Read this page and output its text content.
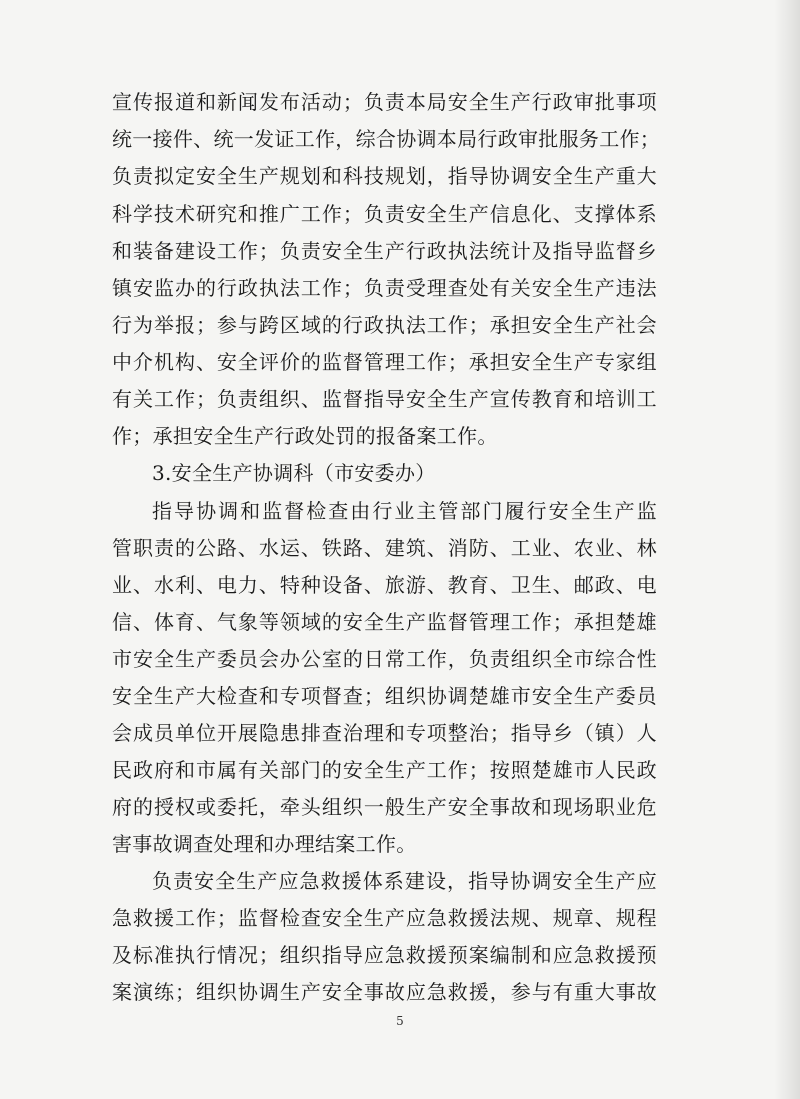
宣传报道和新闻发布活动；负责本局安全生产行政审批事项
统一接件、统一发证工作，综合协调本局行政审批服务工作；
负责拟定安全生产规划和科技规划，指导协调安全生产重大
科学技术研究和推广工作；负责安全生产信息化、支撑体系
和装备建设工作；负责安全生产行政执法统计及指导监督乡
镇安监办的行政执法工作；负责受理查处有关安全生产违法
行为举报；参与跨区域的行政执法工作；承担安全生产社会
中介机构、安全评价的监督管理工作；承担安全生产专家组
有关工作；负责组织、监督指导安全生产宣传教育和培训工
作；承担安全生产行政处罚的报备案工作。
3.安全生产协调科（市安委办）
指导协调和监督检查由行业主管部门履行安全生产监
管职责的公路、水运、铁路、建筑、消防、工业、农业、林
业、水利、电力、特种设备、旅游、教育、卫生、邮政、电
信、体育、气象等领域的安全生产监督管理工作；承担楚雄
市安全生产委员会办公室的日常工作，负责组织全市综合性
安全生产大检查和专项督查；组织协调楚雄市安全生产委员
会成员单位开展隐患排查治理和专项整治；指导乡（镇）人
民政府和市属有关部门的安全生产工作；按照楚雄市人民政
府的授权或委托，牵头组织一般生产安全事故和现场职业危
害事故调查处理和办理结案工作。
负责安全生产应急救援体系建设，指导协调安全生产应
急救援工作；监督检查安全生产应急救援法规、规章、规程
及标准执行情况；组织指导应急救援预案编制和应急救援预
案演练；组织协调生产安全事故应急救援，参与有重大事故
5
